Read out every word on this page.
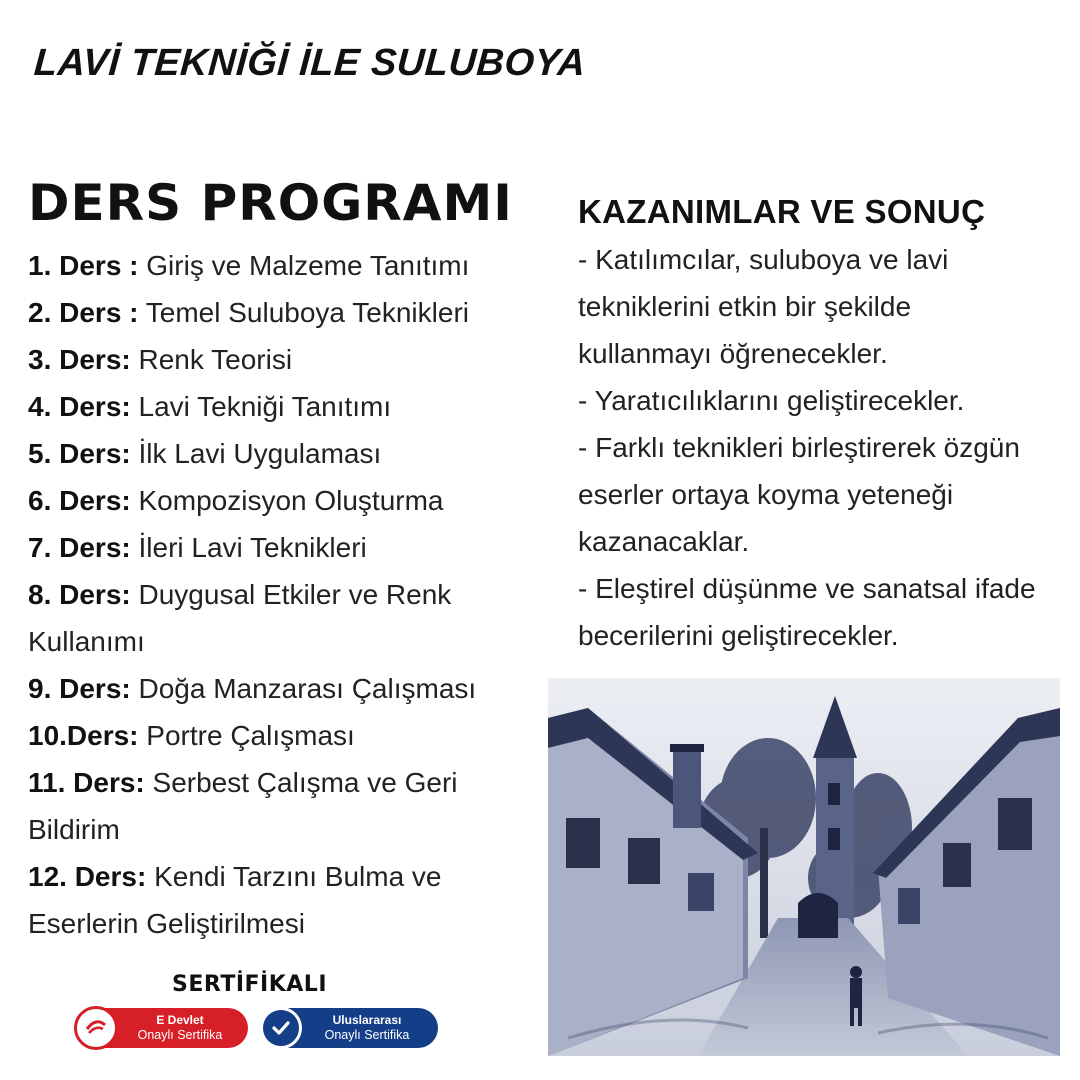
LAVİ TEKNİĞİ İLE SULUBOYA
DERS PROGRAMI
1. Ders : Giriş ve Malzeme Tanıtımı
2. Ders : Temel Suluboya Teknikleri
3. Ders: Renk Teorisi
4. Ders: Lavi Tekniği Tanıtımı
5. Ders: İlk Lavi Uygulaması
6. Ders: Kompozisyon Oluşturma
7. Ders: İleri Lavi Teknikleri
8. Ders: Duygusal Etkiler ve Renk Kullanımı
9. Ders: Doğa Manzarası Çalışması
10.Ders: Portre Çalışması
11. Ders: Serbest Çalışma ve Geri Bildirim
12. Ders: Kendi Tarzını Bulma ve Eserlerin Geliştirilmesi
KAZANIMLAR VE SONUÇ
- Katılımcılar, suluboya ve lavi tekniklerini etkin bir şekilde kullanmayı öğrenecekler.
- Yaratıcılıklarını geliştirecekler.
- Farklı teknikleri birleştirerek özgün eserler ortaya koyma yeteneği kazanacaklar.
- Eleştirel düşünme ve sanatsal ifade becerilerini geliştirecekler.
SERTİFİKALI
E Devlet
Onaylı Sertifika
Uluslararası
Onaylı Sertifika
